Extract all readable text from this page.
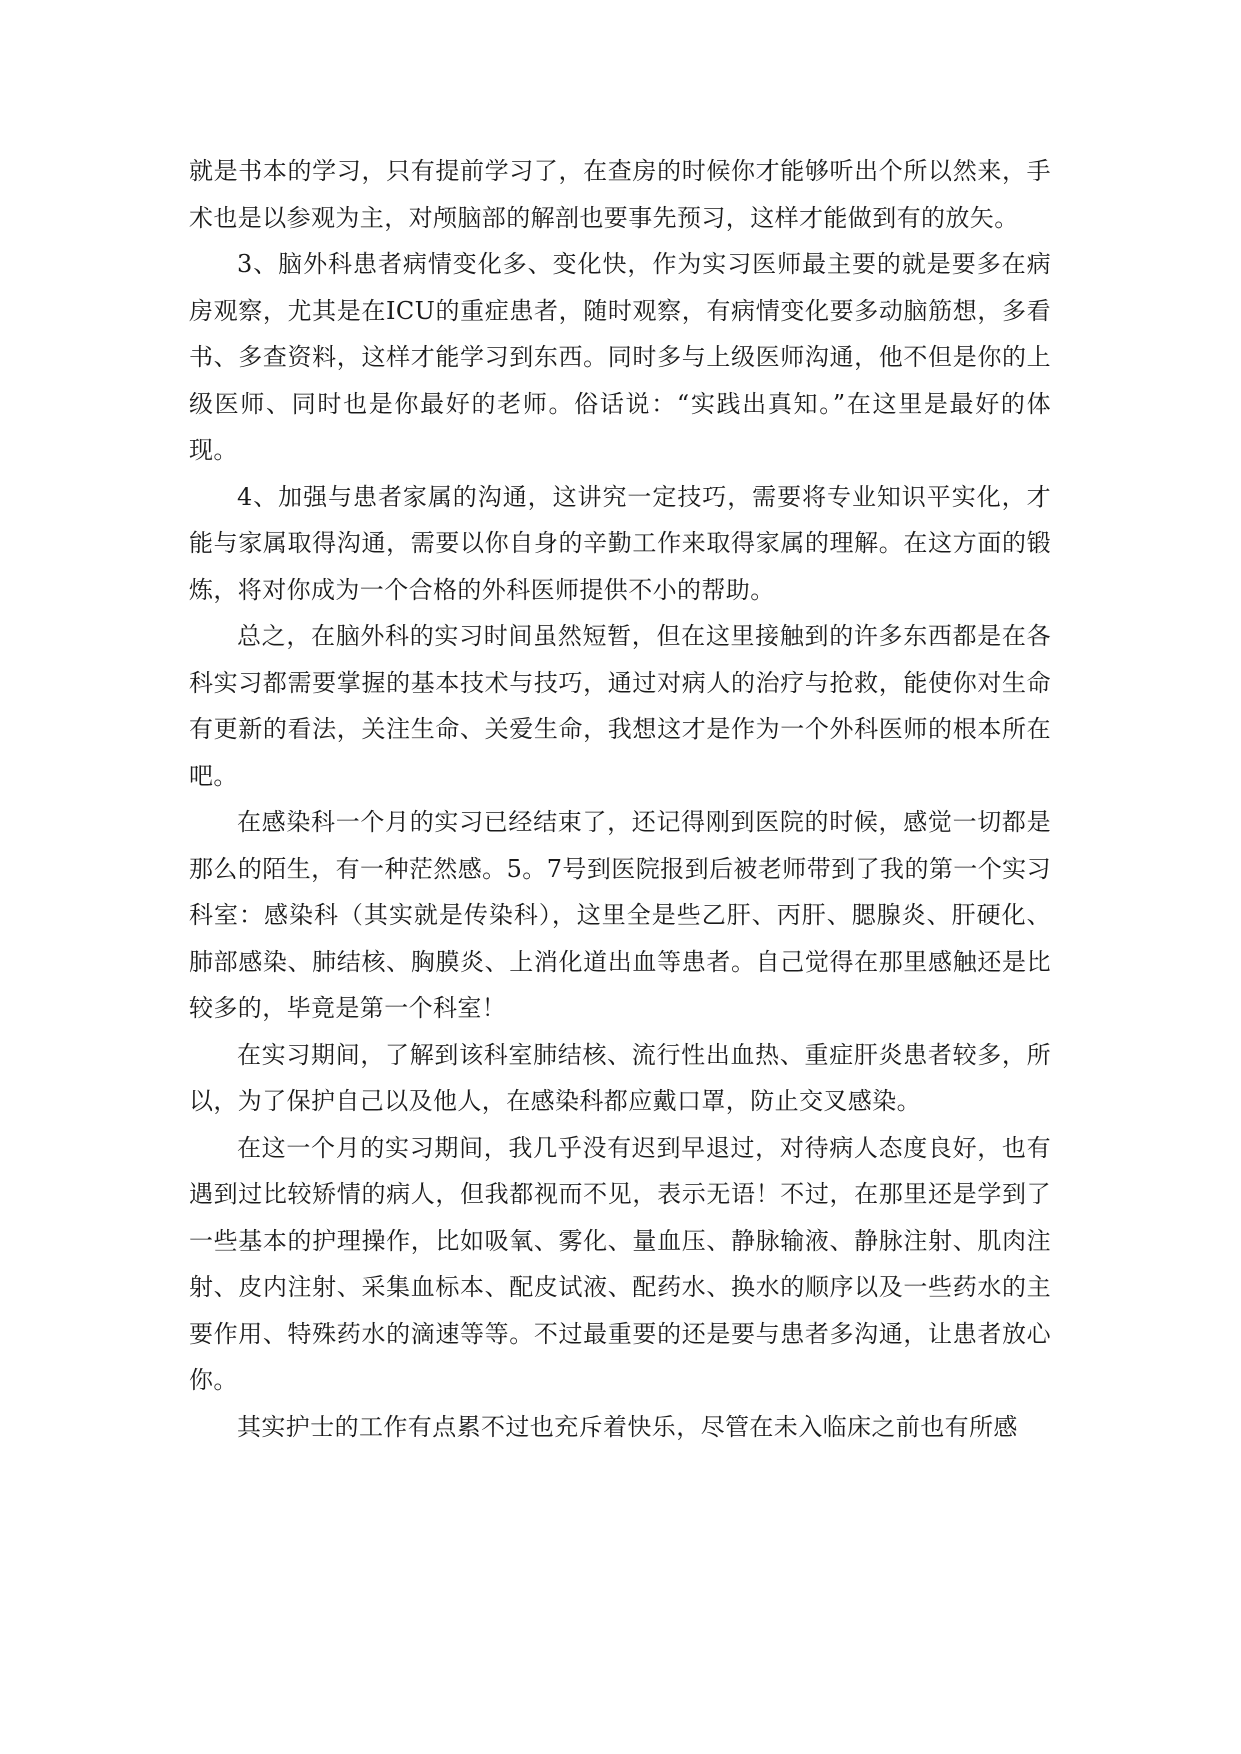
就是书本的学习，只有提前学习了，在查房的时候你才能够听出个所以然来，手术也是以参观为主，对颅脑部的解剖也要事先预习，这样才能做到有的放矢。

3、脑外科患者病情变化多、变化快，作为实习医师最主要的就是要多在病房观察，尤其是在ICU的重症患者，随时观察，有病情变化要多动脑筋想，多看书、多查资料，这样才能学习到东西。同时多与上级医师沟通，他不但是你的上级医师、同时也是你最好的老师。俗话说：“实践出真知。”在这里是最好的体现。

4、加强与患者家属的沟通，这讲究一定技巧，需要将专业知识平实化，才能与家属取得沟通，需要以你自身的辛勤工作来取得家属的理解。在这方面的锻炼，将对你成为一个合格的外科医师提供不小的帮助。

总之，在脑外科的实习时间虽然短暂，但在这里接触到的许多东西都是在各科实习都需要掌握的基本技术与技巧，通过对病人的治疗与抢救，能使你对生命有更新的看法，关注生命、关爱生命，我想这才是作为一个外科医师的根本所在吧。

在感染科一个月的实习已经结束了，还记得刚到医院的时候，感觉一切都是那么的陌生，有一种茫然感。5。7号到医院报到后被老师带到了我的第一个实习科室：感染科（其实就是传染科），这里全是些乙肝、丙肝、腮腺炎、肝硬化、肺部感染、肺结核、胸膜炎、上消化道出血等患者。自己觉得在那里感触还是比较多的，毕竟是第一个科室！

在实习期间，了解到该科室肺结核、流行性出血热、重症肝炎患者较多，所以，为了保护自己以及他人，在感染科都应戴口罩，防止交叉感染。

在这一个月的实习期间，我几乎没有迟到早退过，对待病人态度良好，也有遇到过比较矫情的病人，但我都视而不见，表示无语！不过，在那里还是学到了一些基本的护理操作，比如吸氧、雾化、量血压、静脉输液、静脉注射、肌肉注射、皮内注射、采集血标本、配皮试液、配药水、换水的顺序以及一些药水的主要作用、特殊药水的滴速等等。不过最重要的还是要与患者多沟通，让患者放心你。

其实护士的工作有点累不过也充斥着快乐，尽管在未入临床之前也有所感
